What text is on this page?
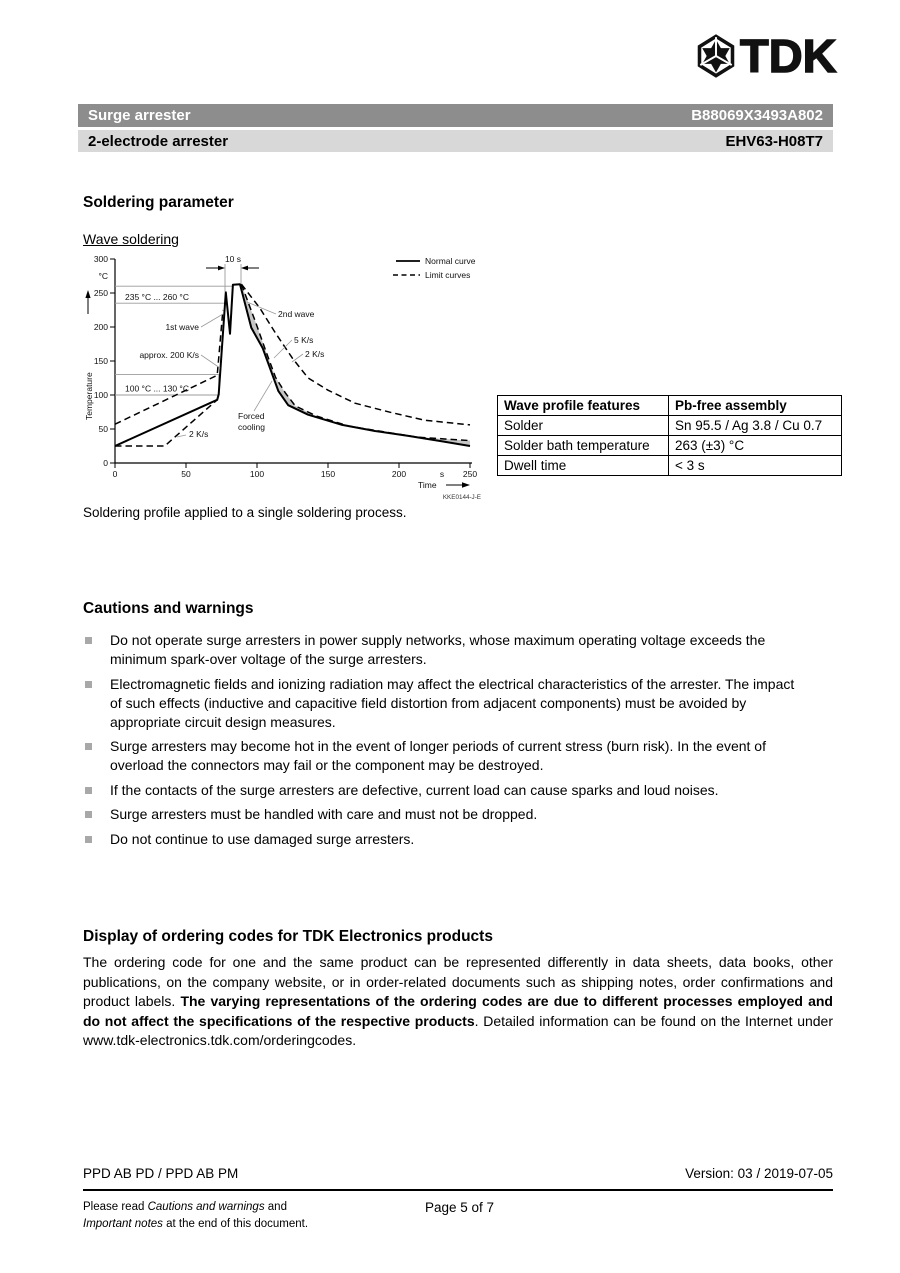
TDK
Surge arrester	B88069X3493A802
2-electrode arrester	EHV63-H08T7
Soldering parameter
Wave soldering
0
50
100
150
200
250
300
°C
0	50	100	150	200	250
s
Time
Temperature
10 s
235 °C ... 260 °C
100 °C ... 130 °C
1st wave
approx. 200 K/s
2nd wave
5 K/s
2 K/s
Forced
cooling
2 K/s
Normal curve
Limit curves
KKE0144-J-E
Wave profile features	Pb-free assembly
Solder	Sn 95.5 / Ag 3.8 / Cu 0.7
Solder bath temperature	263 (±3) °C
Dwell time	< 3 s
Soldering profile applied to a single soldering process.
Cautions and warnings
Do not operate surge arresters in power supply networks, whose maximum operating voltage exceeds the minimum spark-over voltage of the surge arresters.
Electromagnetic fields and ionizing radiation may affect the electrical characteristics of the arrester. The impact of such effects (inductive and capacitive field distortion from adjacent components) must be avoided by appropriate circuit design measures.
Surge arresters may become hot in the event of longer periods of current stress (burn risk). In the event of overload the connectors may fail or the component may be destroyed.
If the contacts of the surge arresters are defective, current load can cause sparks and loud noises.
Surge arresters must be handled with care and must not be dropped.
Do not continue to use damaged surge arresters.
Display of ordering codes for TDK Electronics products
The ordering code for one and the same product can be represented differently in data sheets, data books, other publications, on the company website, or in order-related documents such as shipping notes, order confirmations and product labels. The varying representations of the ordering codes are due to different processes employed and do not affect the specifications of the respective products. Detailed information can be found on the Internet under www.tdk-electronics.tdk.com/orderingcodes.
PPD AB PD / PPD AB PM	Version: 03 / 2019-07-05
Please read Cautions and warnings and Important notes at the end of this document.
Page 5 of 7
